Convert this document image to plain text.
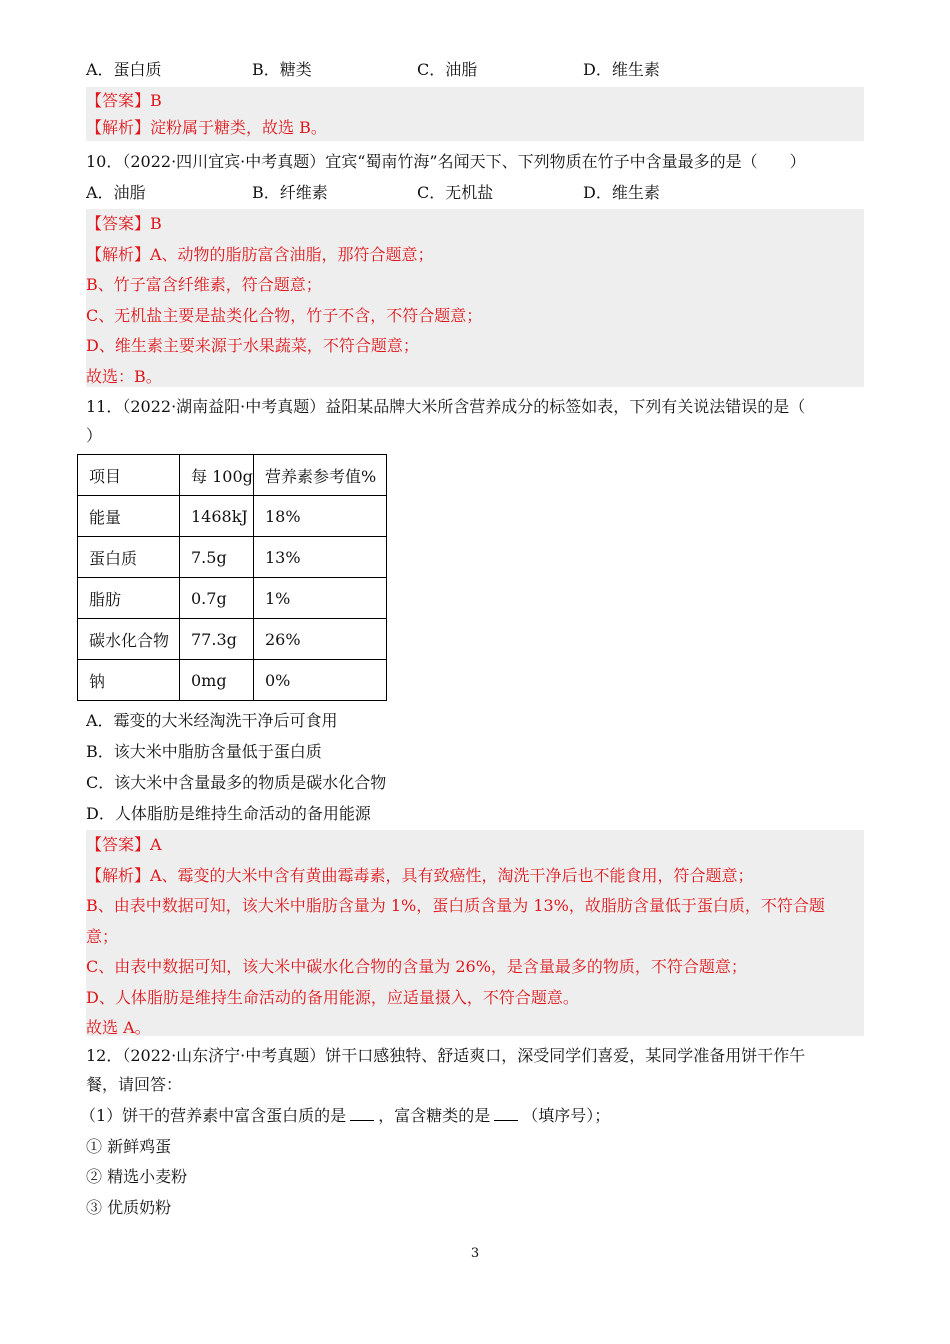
A．蛋白质	B．糖类	C．油脂	D．维生素
【答案】B
【解析】淀粉属于糖类，故选 B。
10．（2022·四川宜宾·中考真题）宜宾“蜀南竹海”名闻天下、下列物质在竹子中含量最多的是（　　）
A．油脂	B．纤维素	C．无机盐	D．维生素
【答案】B
【解析】A、动物的脂肪富含油脂，那符合题意；
B、竹子富含纤维素，符合题意；
C、无机盐主要是盐类化合物，竹子不含，不符合题意；
D、维生素主要来源于水果蔬菜，不符合题意；
故选：B。
11．（2022·湖南益阳·中考真题）益阳某品牌大米所含营养成分的标签如表，下列有关说法错误的是（
）
项目	每 100g	营养素参考值%
能量	1468kJ	18%
蛋白质	7.5g	13%
脂肪	0.7g	1%
碳水化合物	77.3g	26%
钠	0mg	0%
A．霉变的大米经淘洗干净后可食用
B．该大米中脂肪含量低于蛋白质
C．该大米中含量最多的物质是碳水化合物
D．人体脂肪是维持生命活动的备用能源
【答案】A
【解析】A、霉变的大米中含有黄曲霉毒素，具有致癌性，淘洗干净后也不能食用，符合题意；
B、由表中数据可知，该大米中脂肪含量为 1%，蛋白质含量为 13%，故脂肪含量低于蛋白质，不符合题
意；
C、由表中数据可知，该大米中碳水化合物的含量为 26%，是含量最多的物质，不符合题意；
D、人体脂肪是维持生命活动的备用能源，应适量摄入，不符合题意。
故选 A。
12．（2022·山东济宁·中考真题）饼干口感独特、舒适爽口，深受同学们喜爱，某同学准备用饼干作午
餐，请回答：
（1）饼干的营养素中富含蛋白质的是 ，富含糖类的是 （填序号）；
① 新鲜鸡蛋
② 精选小麦粉
③ 优质奶粉
3
